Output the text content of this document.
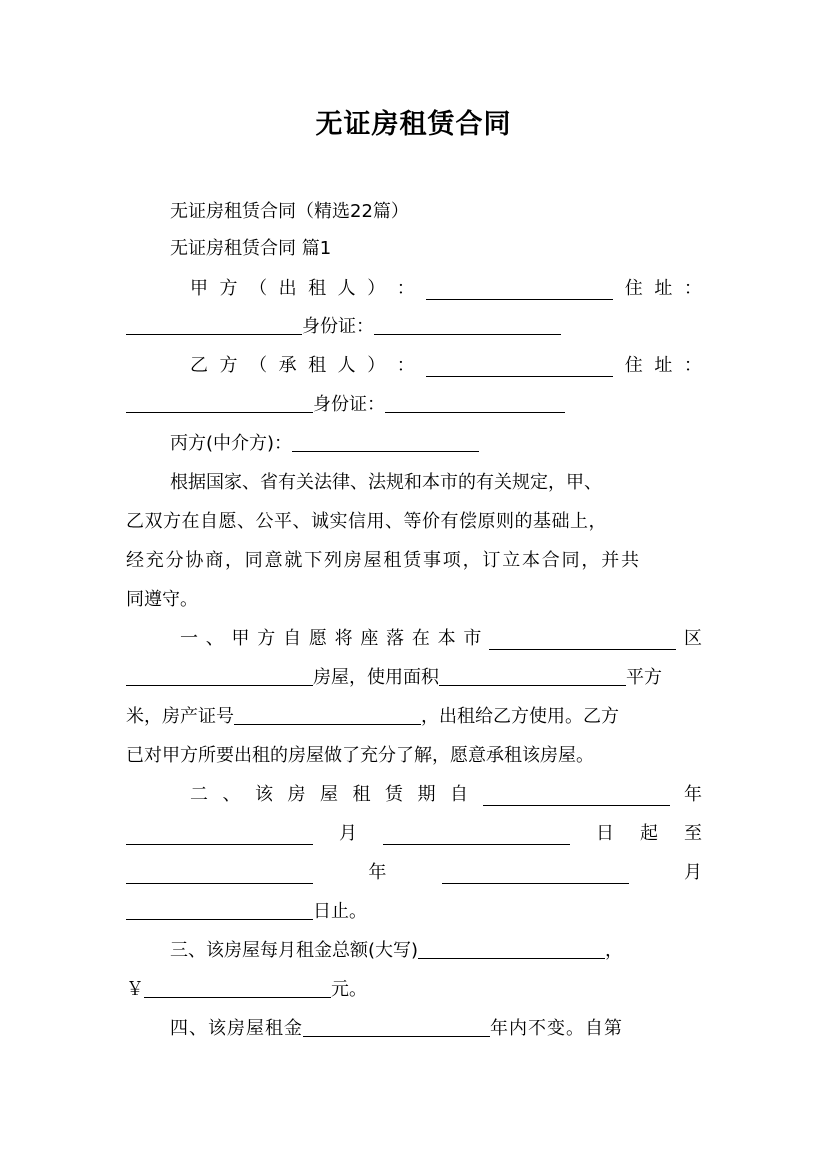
无证房租赁合同
无证房租赁合同（精选22篇）
无证房租赁合同 篇1
甲 方 （ 出 租 人 ） ：	住 址 ：
身份证：
乙 方 （ 承 租 人 ） ：	住 址 ：
身份证：
丙方(中介方)：
根据国家、省有关法律、法规和本市的有关规定，甲、
乙双方在自愿、公平、诚实信用、等价有偿原则的基础上，
经充分协商，同意就下列房屋租赁事项，订立本合同，并共
同遵守。
一 、 甲 方 自 愿 将 座 落 在 本 市	区
房屋，使用面积	平方
米，房产证号	，出租给乙方使用。乙方
已对甲方所要出租的房屋做了充分了解，愿意承租该房屋。
二 、 该 房 屋 租 赁 期 自	年
月	日 起 至
年	月
日止。
三、该房屋每月租金总额(大写)	，
￥	元。
四、该房屋租金	年内不变。自第
